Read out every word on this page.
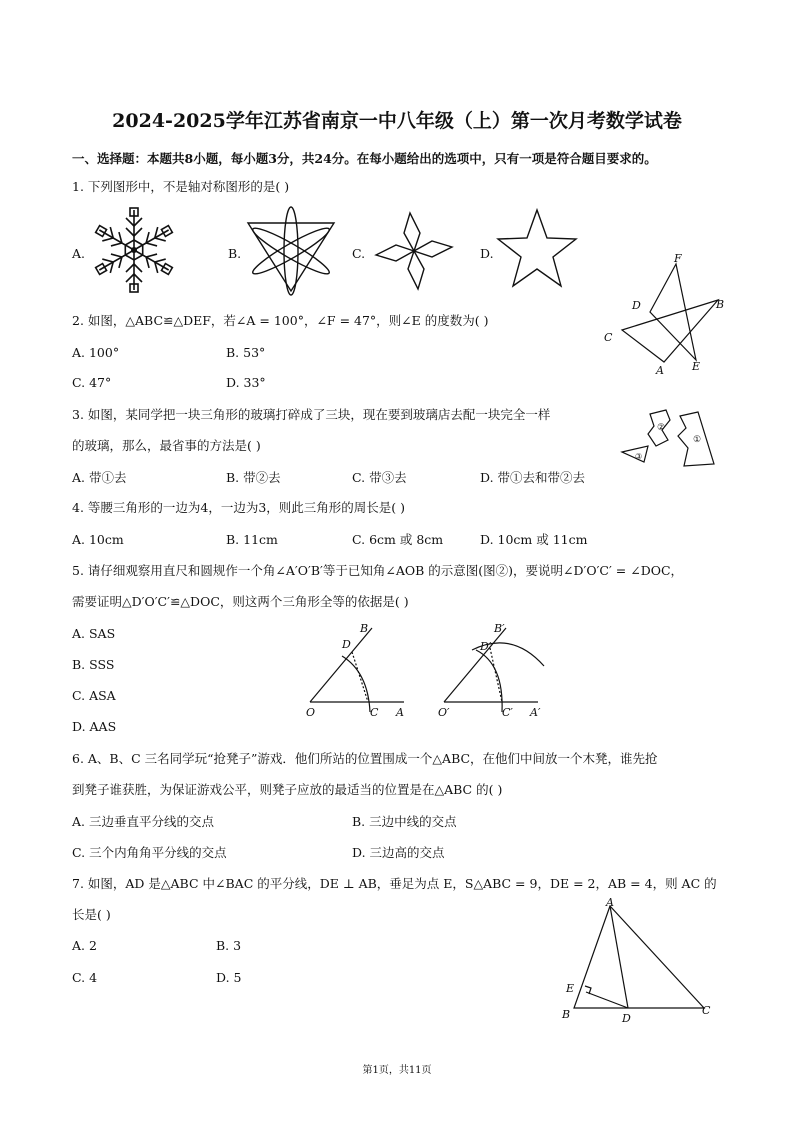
2024-2025学年江苏省南京一中八年级（上）第一次月考数学试卷
一、选择题：本题共8小题，每小题3分，共24分。在每小题给出的选项中，只有一项是符合题目要求的。
1. 下列图形中，不是轴对称图形的是( )
A.	B.	C.	D.
2. 如图，△ABC≌△DEF，若∠A = 100°，∠F = 47°，则∠E 的度数为( )
A. 100°	B. 53°
C. 47°	D. 33°
F
D	B
C
A	E
3. 如图，某同学把一块三角形的玻璃打碎成了三块，现在要到玻璃店去配一块完全一样
的玻璃，那么，最省事的方法是( )
A. 带①去	B. 带②去	C. 带③去	D. 带①去和带②去
②
①
③
4. 等腰三角形的一边为4，一边为3，则此三角形的周长是( )
A. 10cm	B. 11cm	C. 6cm 或 8cm	D. 10cm 或 11cm
5. 请仔细观察用直尺和圆规作一个角∠A′O′B′等于已知角∠AOB 的示意图(图②)，要说明∠D′O′C′ = ∠DOC，
需要证明△D′O′C′≌△DOC，则这两个三角形全等的依据是( )
A. SAS
B. SSS
C. ASA
D. AAS
B
D
O	C A
B′
D′
O′	C′ A′
6. A、B、C 三名同学玩“抢凳子”游戏．他们所站的位置围成一个△ABC，在他们中间放一个木凳，谁先抢
到凳子谁获胜，为保证游戏公平，则凳子应放的最适当的位置是在△ABC 的( )
A. 三边垂直平分线的交点	B. 三边中线的交点
C. 三个内角角平分线的交点	D. 三边高的交点
7. 如图，AD 是△ABC 中∠BAC 的平分线，DE ⊥ AB，垂足为点 E，S△ABC = 9，DE = 2，AB = 4，则 AC 的
长是( )
A. 2	B. 3
C. 4	D. 5
A
E
B	D
C
第1页，共11页
